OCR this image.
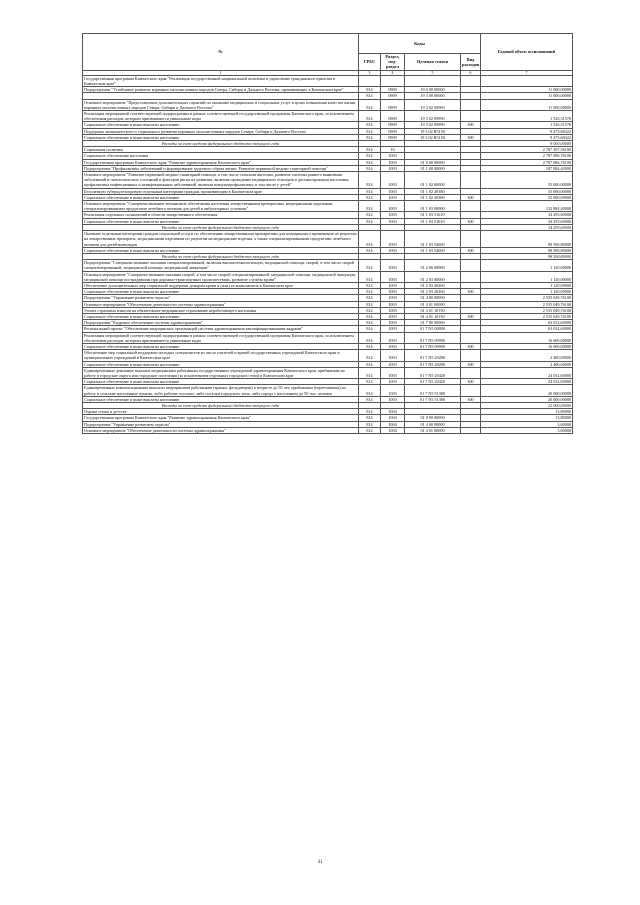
№	Коды				Годовой объем ассигнований
	ГРБС	Раздел, под-раздел	Целевая статья	Вид расходов	
1	3	4	5	6	7
Государственная программа Камчатского края "Реализация государственной национальной политики и укрепление гражданского единства в Камчатском крае"					
Подпрограмма "Устойчивое развитие коренных малочисленных народов Севера, Сибири и Дальнего Востока, проживающих в Камчатском крае"	814	0909	19 0 00 00000		11 000,00000
	814	0909	19 3 00 00000		11 000,00000
Основное мероприятие "Предоставление дополнительных гарантий по оказанию медицинских и социальных услуг и целях повышения качества жизни коренных малочисленных народов Севера, Сибири и Дальнего Востока"	814	0909	19 3 02 00000		11 000,00000
Реализация мероприятий соответствующей подпрограммы в рамках соответствующей государственной программы Камчатского края, за исключением обеспечения расходов, которым присваиваются уникальные коды	814	0909	19 3 02 09990		1 526,31578
Социальное обеспечение и иные выплаты населению	814	0909	19 3 02 09990	300	1 526,31578
Поддержка экономического и социального развития коренных малочисленных народов Севера, Сибири и Дальнего Востока	814	0909	19 3 02 R5150		9 473,68422
Социальное обеспечение и иные выплаты населению	814	0909	19 3 02 R5150	300	9 473,68422
Расходы за счет средств федерального бюджета текущего года					9 000,00000
Социальная политика	814	10			2 787 107,56100
Социальное обеспечение населения	814	1003			2 787 086,76100
Государственная программа Камчатского края "Развитие здравоохранения Камчатского края"	814	1003	01 0 00 00000		2 787 086,76100
Подпрограмма "Профилактика заболеваний и формирование здорового образа жизни. Развитие первичной медико-санитарной помощи"	814	1003	01 1 00 00000		187 884,40000
Основное мероприятие "Развитие первичной медико-санитарной помощи, в том числе сельским жителям, развитие системы раннего выявления заболеваний и патологических состояний и факторов риска их развития, включая проведение медицинских осмотров и диспансеризации населения, профилактика инфекционных и неинфекционных заболеваний, включая иммунопрофилактику, в том числе у детей"	814	1003	01 1 02 00000		55 000,00000
Бесплатную туберкулезопровую отдельным категориям граждан, проживающим в Камчатском крае	814	1003	01 1 02 20380		55 000,00000
Социальное обеспечение и иные выплаты населению	814	1003	01 1 02 20380	300	55 000,00000
Основное мероприятие "Совершенствование механизмов обеспечения населения лекарственными препаратами, медицинскими изделиями, специализированными продуктами лечебного питания для детей в амбулаторных условиях"	814	1003	01 1 03 00000		132 884,40000
Реализация отдельных полномочий в области лекарственного обеспечения	814	1003	01 1 03 51610		34 293,60000
Социальное обеспечение и иные выплаты населению	814	1003	01 1 03 51610	300	34 293,60000
Расходы за счет средств федерального бюджета текущего года					34 293,60000
Оказание отдельным категориям граждан социальной услуги по обеспечению лекарственными препаратами для медицинского применения по рецептам на лекарственные препараты, медицинскими изделиями по рецептам на медицинские изделия, а также специализированными продуктами лечебного питания для детей-инвалидов	814	1003	01 1 03 54600		98 590,80000
Социальное обеспечение и иные выплаты населению	814	1003	01 1 03 54600	300	98 590,80000
Расходы за счет средств федерального бюджета текущего года					98 590,80000
Подпрограмма "Совершенствование оказания специализированной, включая высокотехнологичную, медицинской помощи, скорой, в том числе скорой специализированной, медицинской помощи, медицинской эвакуации"	814	1003	01 2 00 00000		1 120,00000
Основное мероприятие "Совершенствование оказания скорой, в том числе скорой специализированной, медицинской помощи, медицинской эвакуации, медицинской помощи пострадавшим при дорожно-транспортных происшествиях, развитие службы крови"	814	1003	01 2 03 00000		1 120,00000
Обеспечение дополнительных мер социальной поддержки донорам крови и (или) ее компонентов в Камчатском крае	814	1003	01 2 03 20260		1 120,00000
Социальное обеспечение и иные выплаты населению	814	1003	01 2 03 20260	300	1 120,00000
Подпрограмма "Управление развитием отрасли"	814	1003	01 4 00 00000		2 535 049,76100
Основное мероприятие "Обеспечение деятельности системы здравоохранения"	814	1003	01 4 01 00000		2 535 049,76100
Уплата страховых взносов на обязательное медицинское страхование неработающего населения	814	1003	01 4 01 10150		2 535 049,76100
Социальное обеспечение и иные выплаты населению	814	1003	01 4 01 10150	300	2 535 049,76100
Подпрограмма "Кадровое обеспечение системы здравоохранения"	814	1003	01 7 00 00000		63 032,60000
Региональный проект "Обеспечение медицинских организаций системы здравоохранения квалифицированными кадрами"	814	1003	01 7 N5 00000		63 032,60000
Реализация мероприятий соответствующей подпрограммы в рамках соответствующей государственной программы Камчатского края, за исключением обеспечения расходов, которым присваиваются уникальные коды	814	1003	01 7 N5 09990		16 600,00000
Социальное обеспечение и иные выплаты населению	814	1003	01 7 N5 09990	300	16 600,00000
Обеспечение мер социальной поддержки молодых специалистов из числа учителей и врачей государственных учреждений Камчатского края и муниципальных учреждений в Камчатском крае	814	1003	01 7 N5 20280		2 400,00000
Социальное обеспечение и иные выплаты населению	814	1003	01 7 N5 20280	300	2 400,00000
Единовременные денежные выплаты медицинским работникам государственных учреждений здравоохранения Камчатского края, прибывшим на работу в городские округа или городские поселения (за исключением отдельных городского типа) в Камчатском крае	814	1003	01 7 N5 20420		24 032,60000
Социальное обеспечение и иные выплаты населению	814	1003	01 7 N5 20420	300	24 032,60000
Единовременные компенсационные выплаты медицинским работникам (врачам, фельдшерам) в возрасте до 50 лет, прибывшим (переехавшим) на работу в сельские населенные пункты, либо рабочие поселки, либо поселки городского типа, либо города с населением до 50 тыс. человек	814	1003	01 7 N5 51380		20 000,00000
Социальное обеспечение и иные выплаты населению	814	1003	01 7 N5 51380	300	20 000,00000
Расходы за счет средств федерального бюджета текущего года					12 000,00000
Охрана семьи и детства	814	1004			13,80000
Государственная программа Камчатского края "Развитие здравоохранения Камчатского края"	814	1004	01 0 00 00000		13,80000
Подпрограмма "Управление развитием отрасли"	814	1004	01 4 00 00000		3,60000
Основное мероприятие "Обеспечение деятельности системы здравоохранения"	814	1004	01 4 01 00000		3,60000
41
